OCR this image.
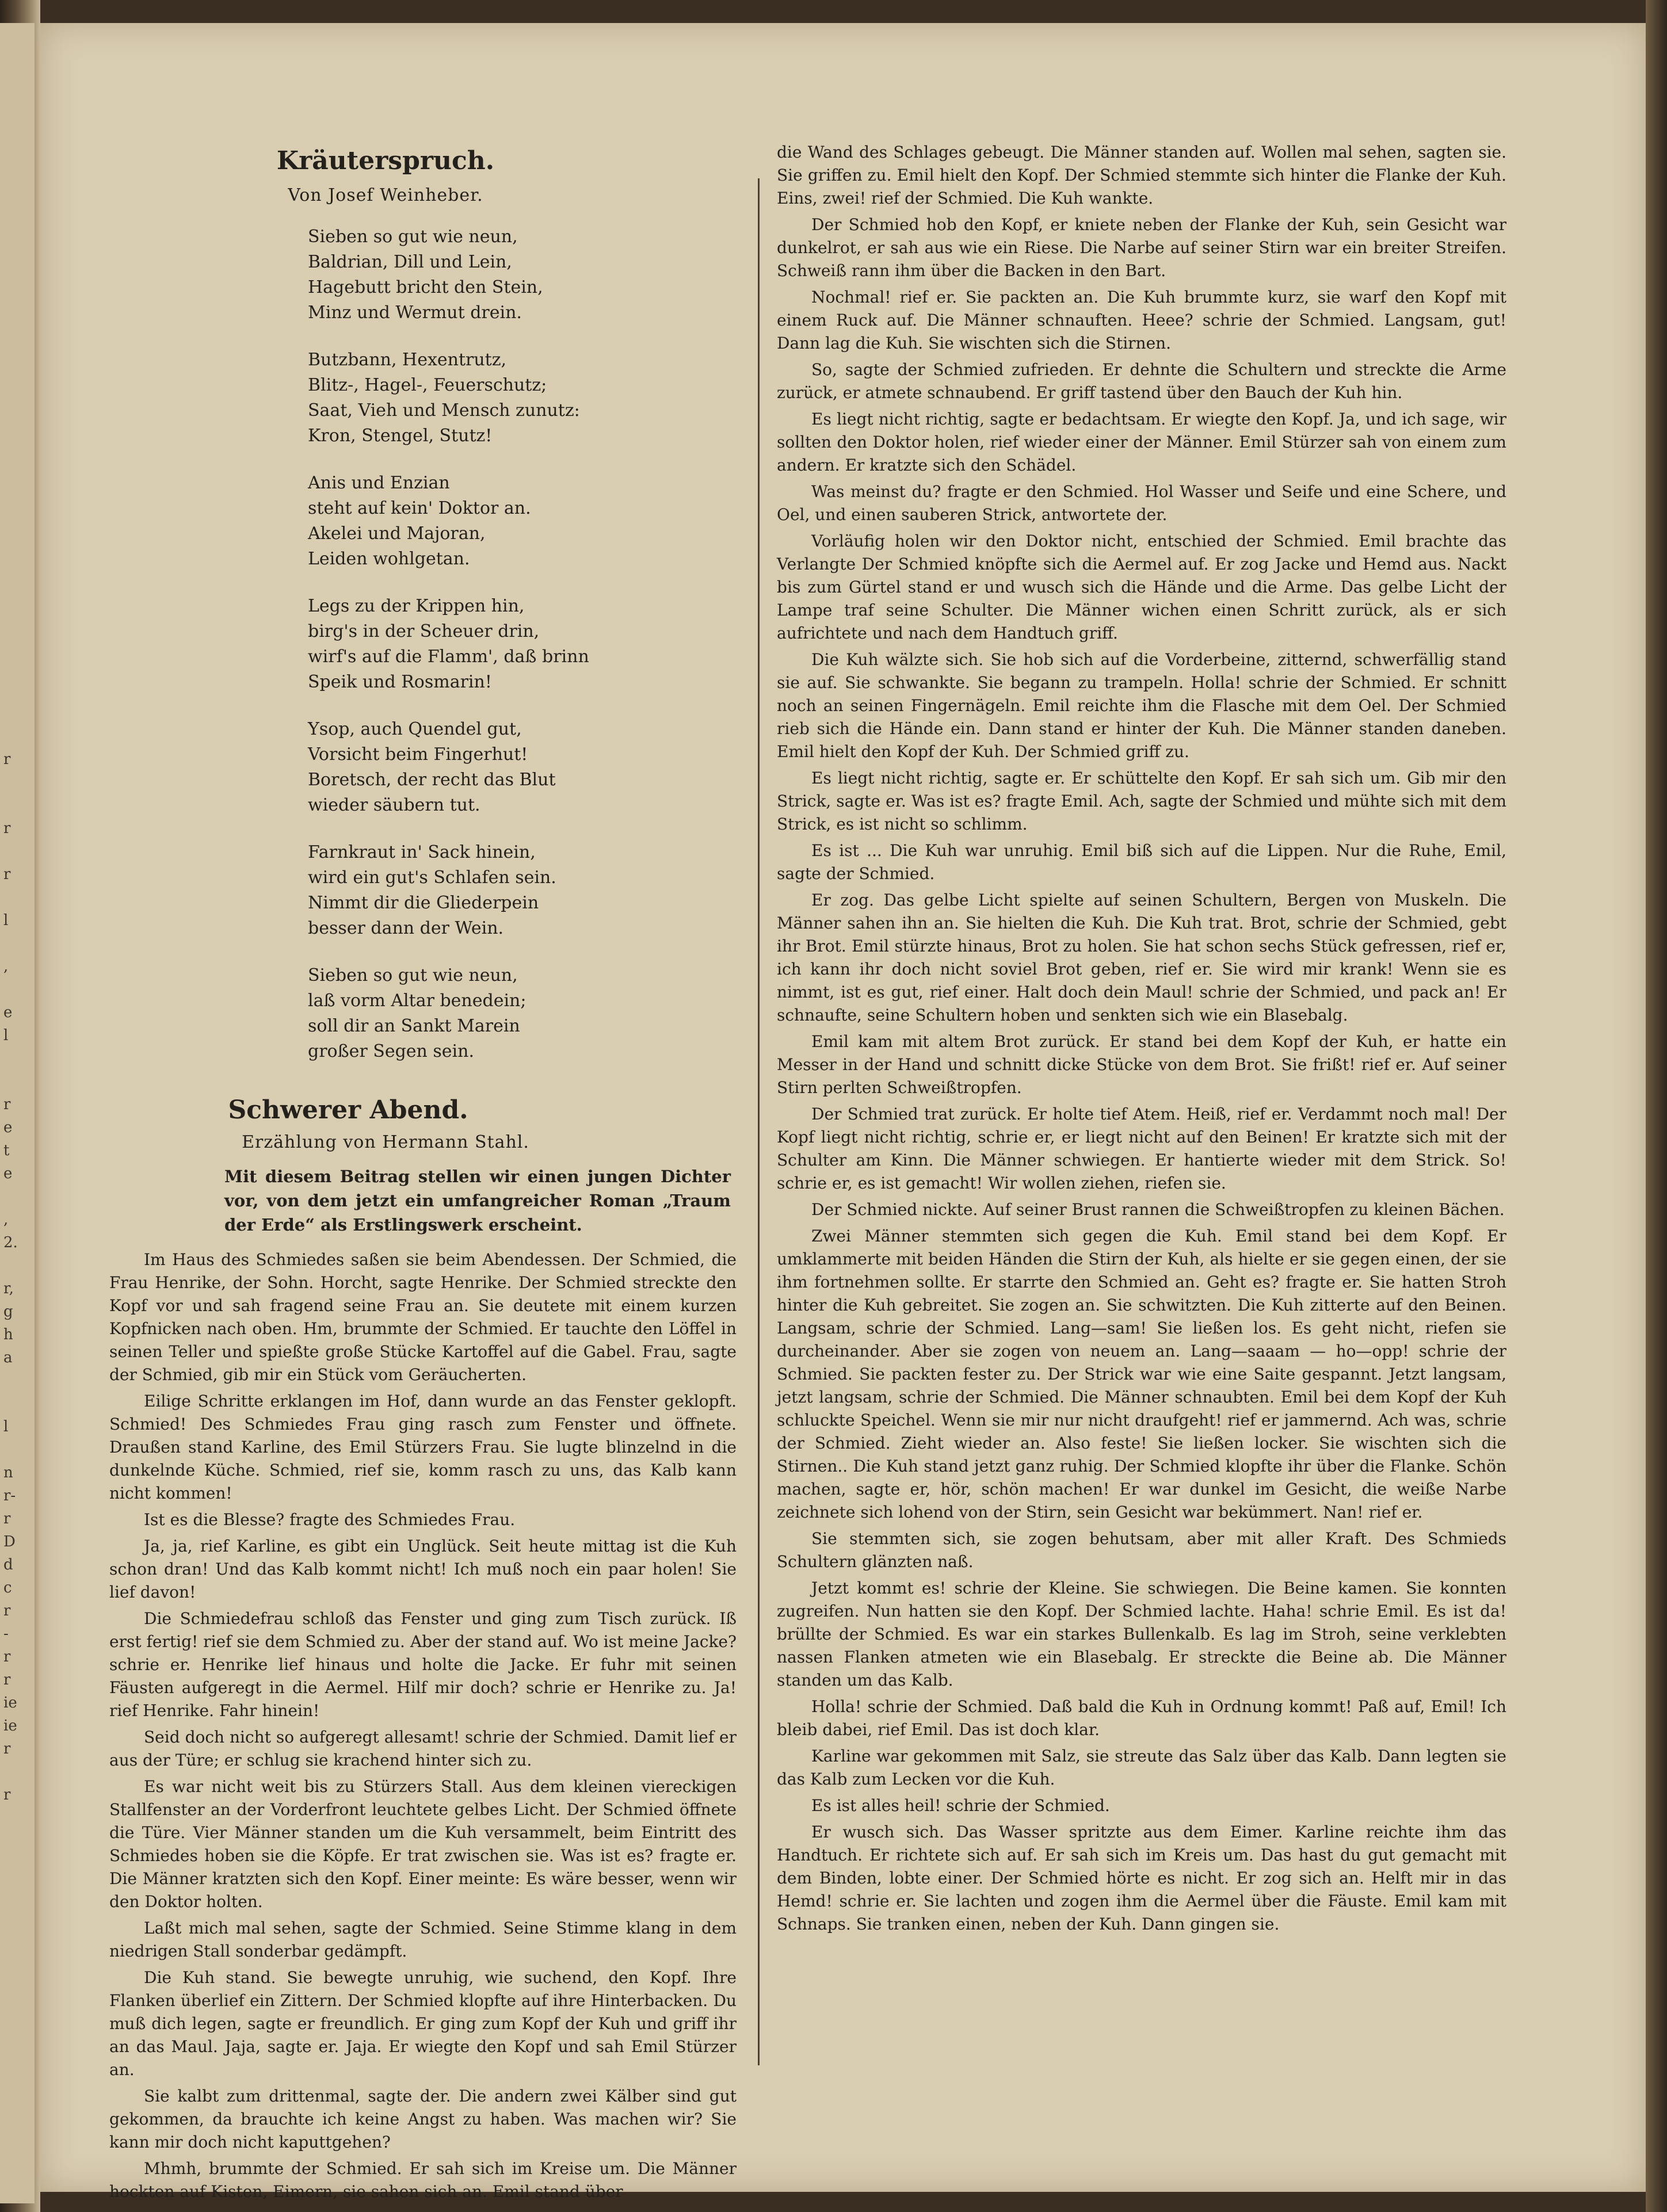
r

r

r

l

,

e
l

r
e
t
e

,
2.

r,
g
h
a

l

n
r-
r
D
d
c
r
-
r
r
ie
ie
r

r
Kräuterspruch.
Von Josef Weinheber.
Sieben so gut wie neun,
Baldrian, Dill und Lein,
Hagebutt bricht den Stein,
Minz und Wermut drein.
Butzbann, Hexentrutz,
Blitz-, Hagel-, Feuerschutz;
Saat, Vieh und Mensch zunutz:
Kron, Stengel, Stutz!
Anis und Enzian
steht auf kein' Doktor an.
Akelei und Majoran,
Leiden wohlgetan.
Legs zu der Krippen hin,
birg's in der Scheuer drin,
wirf's auf die Flamm', daß brinn
Speik und Rosmarin!
Ysop, auch Quendel gut,
Vorsicht beim Fingerhut!
Boretsch, der recht das Blut
wieder säubern tut.
Farnkraut in' Sack hinein,
wird ein gut's Schlafen sein.
Nimmt dir die Gliederpein
besser dann der Wein.
Sieben so gut wie neun,
laß vorm Altar benedein;
soll dir an Sankt Marein
großer Segen sein.
Schwerer Abend.
Erzählung von Hermann Stahl.
Mit diesem Beitrag stellen wir einen jungen Dichter vor, von dem jetzt ein umfangreicher Roman „Traum der Erde“ als Erstlingswerk erscheint.

Im Haus des Schmiedes saßen sie beim Abendessen. Der Schmied, die Frau Henrike, der Sohn. Horcht, sagte Henrike. Der Schmied streckte den Kopf vor und sah fragend seine Frau an. Sie deutete mit einem kurzen Kopfnicken nach oben. Hm, brummte der Schmied. Er tauchte den Löffel in seinen Teller und spießte große Stücke Kartoffel auf die Gabel. Frau, sagte der Schmied, gib mir ein Stück vom Geräucherten.

Eilige Schritte erklangen im Hof, dann wurde an das Fenster geklopft. Schmied! Des Schmiedes Frau ging rasch zum Fenster und öffnete. Draußen stand Karline, des Emil Stürzers Frau. Sie lugte blinzelnd in die dunkelnde Küche. Schmied, rief sie, komm rasch zu uns, das Kalb kann nicht kommen!

Ist es die Blesse? fragte des Schmiedes Frau.

Ja, ja, rief Karline, es gibt ein Unglück. Seit heute mittag ist die Kuh schon dran! Und das Kalb kommt nicht! Ich muß noch ein paar holen! Sie lief davon!

Die Schmiedefrau schloß das Fenster und ging zum Tisch zurück. Iß erst fertig! rief sie dem Schmied zu. Aber der stand auf. Wo ist meine Jacke? schrie er. Henrike lief hinaus und holte die Jacke. Er fuhr mit seinen Fäusten aufgeregt in die Aermel. Hilf mir doch? schrie er Henrike zu. Ja! rief Henrike. Fahr hinein!

Seid doch nicht so aufgeregt allesamt! schrie der Schmied. Damit lief er aus der Türe; er schlug sie krachend hinter sich zu.

Es war nicht weit bis zu Stürzers Stall. Aus dem kleinen viereckigen Stallfenster an der Vorderfront leuchtete gelbes Licht. Der Schmied öffnete die Türe. Vier Männer standen um die Kuh versammelt, beim Eintritt des Schmiedes hoben sie die Köpfe. Er trat zwischen sie. Was ist es? fragte er. Die Männer kratzten sich den Kopf. Einer meinte: Es wäre besser, wenn wir den Doktor holten.

Laßt mich mal sehen, sagte der Schmied. Seine Stimme klang in dem niedrigen Stall sonderbar gedämpft.

Die Kuh stand. Sie bewegte unruhig, wie suchend, den Kopf. Ihre Flanken überlief ein Zittern. Der Schmied klopfte auf ihre Hinterbacken. Du muß dich legen, sagte er freundlich. Er ging zum Kopf der Kuh und griff ihr an das Maul. Jaja, sagte er. Jaja. Er wiegte den Kopf und sah Emil Stürzer an.

Sie kalbt zum drittenmal, sagte der. Die andern zwei Kälber sind gut gekommen, da brauchte ich keine Angst zu haben. Was machen wir? Sie kann mir doch nicht kaputtgehen?

Mhmh, brummte der Schmied. Er sah sich im Kreise um. Die Männer hockten auf Kisten, Eimern, sie sahen sich an. Emil stand über

die Wand des Schlages gebeugt. Die Männer standen auf. Wollen mal sehen, sagten sie. Sie griffen zu. Emil hielt den Kopf. Der Schmied stemmte sich hinter die Flanke der Kuh. Eins, zwei! rief der Schmied. Die Kuh wankte.

Der Schmied hob den Kopf, er kniete neben der Flanke der Kuh, sein Gesicht war dunkelrot, er sah aus wie ein Riese. Die Narbe auf seiner Stirn war ein breiter Streifen. Schweiß rann ihm über die Backen in den Bart.

Nochmal! rief er. Sie packten an. Die Kuh brummte kurz, sie warf den Kopf mit einem Ruck auf. Die Männer schnauften. Heee? schrie der Schmied. Langsam, gut! Dann lag die Kuh. Sie wischten sich die Stirnen.

So, sagte der Schmied zufrieden. Er dehnte die Schultern und streckte die Arme zurück, er atmete schnaubend. Er griff tastend über den Bauch der Kuh hin.

Es liegt nicht richtig, sagte er bedachtsam. Er wiegte den Kopf. Ja, und ich sage, wir sollten den Doktor holen, rief wieder einer der Männer. Emil Stürzer sah von einem zum andern. Er kratzte sich den Schädel.

Was meinst du? fragte er den Schmied. Hol Wasser und Seife und eine Schere, und Oel, und einen sauberen Strick, antwortete der.

Vorläufig holen wir den Doktor nicht, entschied der Schmied. Emil brachte das Verlangte Der Schmied knöpfte sich die Aermel auf. Er zog Jacke und Hemd aus. Nackt bis zum Gürtel stand er und wusch sich die Hände und die Arme. Das gelbe Licht der Lampe traf seine Schulter. Die Männer wichen einen Schritt zurück, als er sich aufrichtete und nach dem Handtuch griff.

Die Kuh wälzte sich. Sie hob sich auf die Vorderbeine, zitternd, schwerfällig stand sie auf. Sie schwankte. Sie begann zu trampeln. Holla! schrie der Schmied. Er schnitt noch an seinen Fingernägeln. Emil reichte ihm die Flasche mit dem Oel. Der Schmied rieb sich die Hände ein. Dann stand er hinter der Kuh. Die Männer standen daneben. Emil hielt den Kopf der Kuh. Der Schmied griff zu.

Es liegt nicht richtig, sagte er. Er schüttelte den Kopf. Er sah sich um. Gib mir den Strick, sagte er. Was ist es? fragte Emil. Ach, sagte der Schmied und mühte sich mit dem Strick, es ist nicht so schlimm.

Es ist ... Die Kuh war unruhig. Emil biß sich auf die Lippen. Nur die Ruhe, Emil, sagte der Schmied.

Er zog. Das gelbe Licht spielte auf seinen Schultern, Bergen von Muskeln. Die Männer sahen ihn an. Sie hielten die Kuh. Die Kuh trat. Brot, schrie der Schmied, gebt ihr Brot. Emil stürzte hinaus, Brot zu holen. Sie hat schon sechs Stück gefressen, rief er, ich kann ihr doch nicht soviel Brot geben, rief er. Sie wird mir krank! Wenn sie es nimmt, ist es gut, rief einer. Halt doch dein Maul! schrie der Schmied, und pack an! Er schnaufte, seine Schultern hoben und senkten sich wie ein Blasebalg.

Emil kam mit altem Brot zurück. Er stand bei dem Kopf der Kuh, er hatte ein Messer in der Hand und schnitt dicke Stücke von dem Brot. Sie frißt! rief er. Auf seiner Stirn perlten Schweißtropfen.

Der Schmied trat zurück. Er holte tief Atem. Heiß, rief er. Verdammt noch mal! Der Kopf liegt nicht richtig, schrie er, er liegt nicht auf den Beinen! Er kratzte sich mit der Schulter am Kinn. Die Männer schwiegen. Er hantierte wieder mit dem Strick. So! schrie er, es ist gemacht! Wir wollen ziehen, riefen sie.

Der Schmied nickte. Auf seiner Brust rannen die Schweißtropfen zu kleinen Bächen.

Zwei Männer stemmten sich gegen die Kuh. Emil stand bei dem Kopf. Er umklammerte mit beiden Händen die Stirn der Kuh, als hielte er sie gegen einen, der sie ihm fortnehmen sollte. Er starrte den Schmied an. Geht es? fragte er. Sie hatten Stroh hinter die Kuh gebreitet. Sie zogen an. Sie schwitzten. Die Kuh zitterte auf den Beinen. Langsam, schrie der Schmied. Lang—sam! Sie ließen los. Es geht nicht, riefen sie durcheinander. Aber sie zogen von neuem an. Lang—saaam — ho—opp! schrie der Schmied. Sie packten fester zu. Der Strick war wie eine Saite gespannt. Jetzt langsam, jetzt langsam, schrie der Schmied. Die Männer schnaubten. Emil bei dem Kopf der Kuh schluckte Speichel. Wenn sie mir nur nicht draufgeht! rief er jammernd. Ach was, schrie der Schmied. Zieht wieder an. Also feste! Sie ließen locker. Sie wischten sich die Stirnen.. Die Kuh stand jetzt ganz ruhig. Der Schmied klopfte ihr über die Flanke. Schön machen, sagte er, hör, schön machen! Er war dunkel im Gesicht, die weiße Narbe zeichnete sich lohend von der Stirn, sein Gesicht war bekümmert. Nan! rief er.

Sie stemmten sich, sie zogen behutsam, aber mit aller Kraft. Des Schmieds Schultern glänzten naß.

Jetzt kommt es! schrie der Kleine. Sie schwiegen. Die Beine kamen. Sie konnten zugreifen. Nun hatten sie den Kopf. Der Schmied lachte. Haha! schrie Emil. Es ist da! brüllte der Schmied. Es war ein starkes Bullenkalb. Es lag im Stroh, seine verklebten nassen Flanken atmeten wie ein Blasebalg. Er streckte die Beine ab. Die Männer standen um das Kalb.

Holla! schrie der Schmied. Daß bald die Kuh in Ordnung kommt! Paß auf, Emil! Ich bleib dabei, rief Emil. Das ist doch klar.

Karline war gekommen mit Salz, sie streute das Salz über das Kalb. Dann legten sie das Kalb zum Lecken vor die Kuh.

Es ist alles heil! schrie der Schmied.

Er wusch sich. Das Wasser spritzte aus dem Eimer. Karline reichte ihm das Handtuch. Er richtete sich auf. Er sah sich im Kreis um. Das hast du gut gemacht mit dem Binden, lobte einer. Der Schmied hörte es nicht. Er zog sich an. Helft mir in das Hemd! schrie er. Sie lachten und zogen ihm die Aermel über die Fäuste. Emil kam mit Schnaps. Sie tranken einen, neben der Kuh. Dann gingen sie.
